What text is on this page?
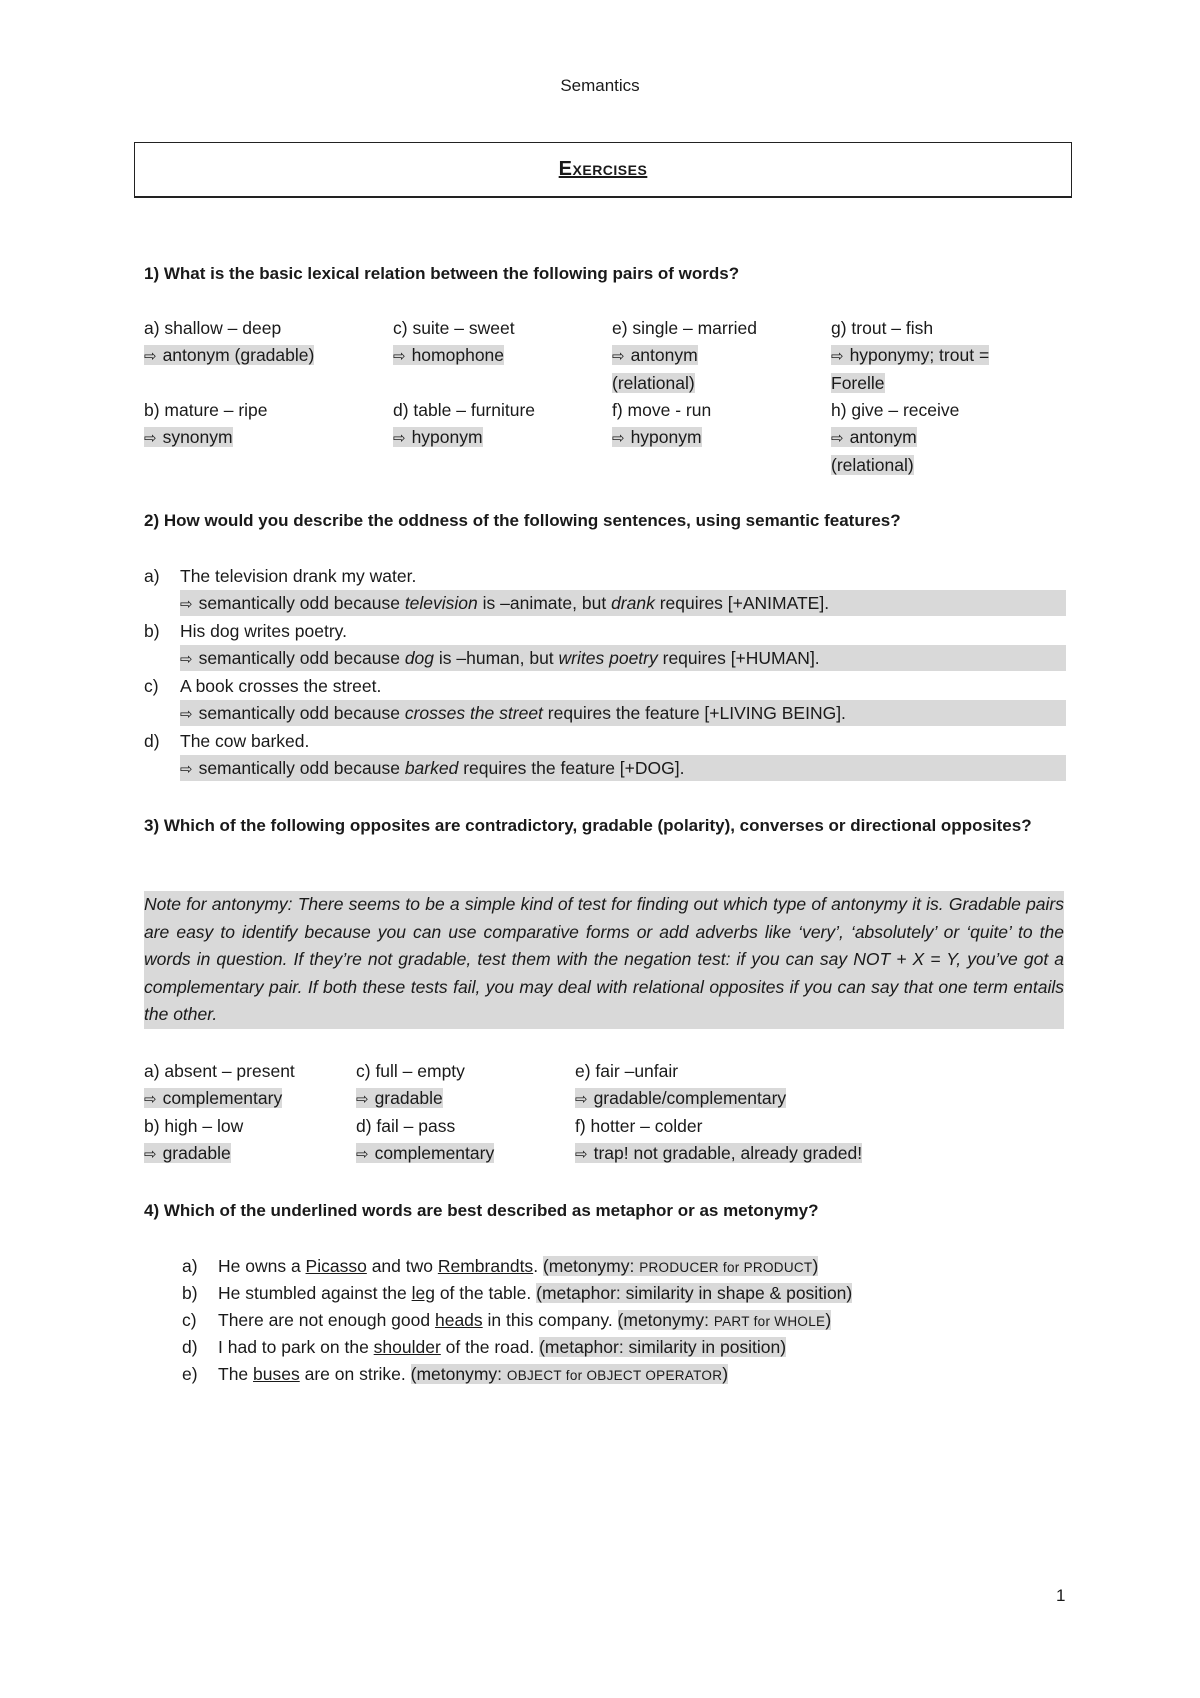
Semantics
Exercises
1) What is the basic lexical relation between the following pairs of words?
a) shallow – deep
⇨ antonym (gradable)
c) suite – sweet
⇨ homophone
e) single – married
⇨ antonym (relational)
g) trout – fish
⇨ hyponymy; trout = Forelle
b) mature – ripe
⇨ synonym
d) table – furniture
⇨ hyponym
f) move - run
⇨ hyponym
h) give – receive
⇨ antonym (relational)
2) How would you describe the oddness of the following sentences, using semantic features?
a) The television drank my water.
⇨ semantically odd because television is –animate, but drank requires [+ANIMATE].
b) His dog writes poetry.
⇨ semantically odd because dog is –human, but writes poetry requires [+HUMAN].
c) A book crosses the street.
⇨ semantically odd because crosses the street requires the feature [+LIVING BEING].
d) The cow barked.
⇨ semantically odd because barked requires the feature [+DOG].
3) Which of the following opposites are contradictory, gradable (polarity), converses or directional opposites?
Note for antonymy: There seems to be a simple kind of test for finding out which type of antonymy it is. Gradable pairs are easy to identify because you can use comparative forms or add adverbs like ‘very’, ‘absolutely’ or ‘quite’ to the words in question. If they’re not gradable, test them with the negation test: if you can say NOT + X = Y, you’ve got a complementary pair. If both these tests fail, you may deal with relational opposites if you can say that one term entails the other.
a) absent – present
⇨ complementary
c) full – empty
⇨ gradable
e) fair –unfair
⇨ gradable/complementary
b) high – low
⇨ gradable
d) fail – pass
⇨ complementary
f) hotter – colder
⇨ trap! not gradable, already graded!
4) Which of the underlined words are best described as metaphor or as metonymy?
a) He owns a Picasso and two Rembrandts. (metonymy: PRODUCER for PRODUCT)
b) He stumbled against the leg of the table. (metaphor: similarity in shape & position)
c) There are not enough good heads in this company. (metonymy: PART for WHOLE)
d) I had to park on the shoulder of the road. (metaphor: similarity in position)
e) The buses are on strike. (metonymy: OBJECT for OBJECT OPERATOR)
1
